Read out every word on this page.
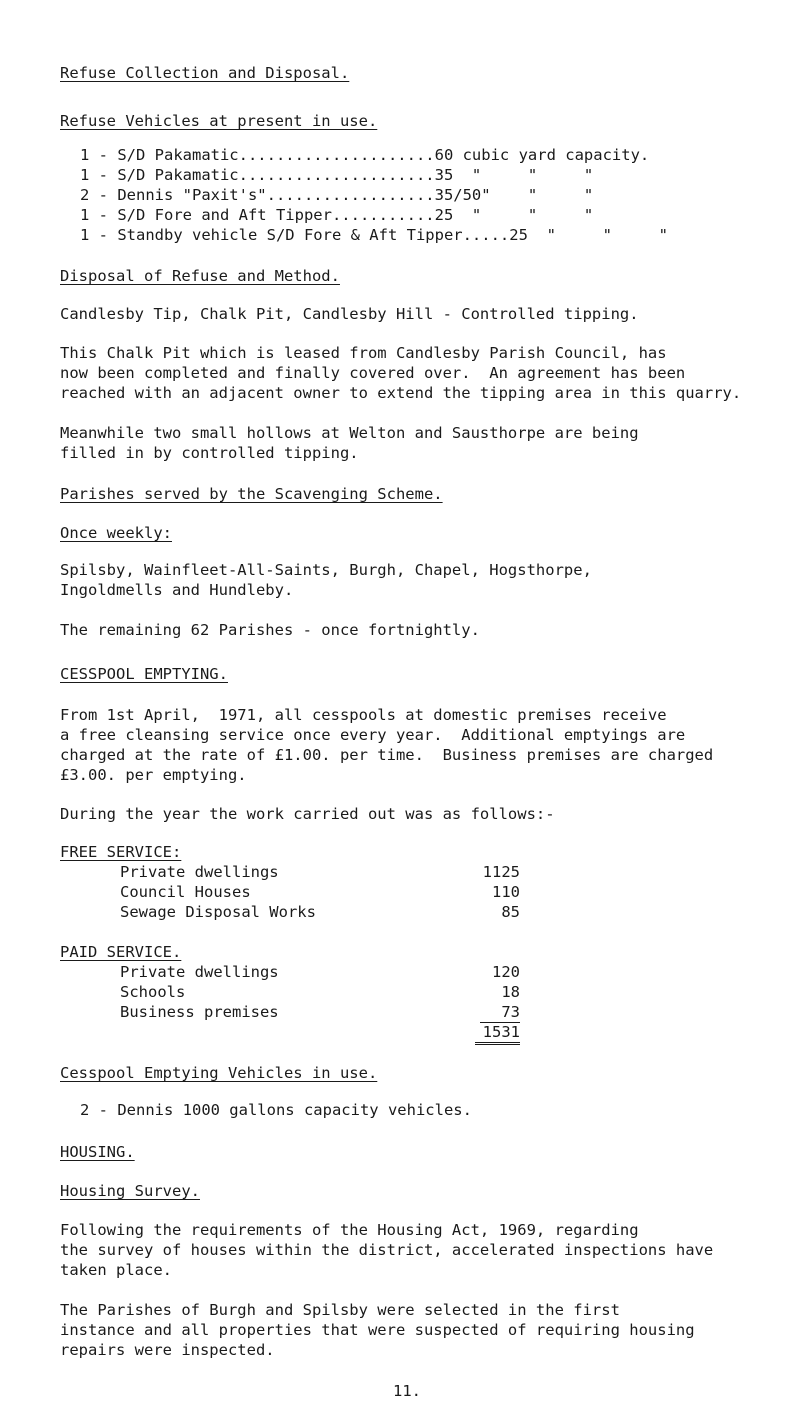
Refuse Collection and Disposal.
Refuse Vehicles at present in use.
1 - S/D Pakamatic.....................60 cubic yard capacity.
1 - S/D Pakamatic.....................35  "     "     "
2 - Dennis "Paxit's"..................35/50"    "     "
1 - S/D Fore and Aft Tipper...........25  "     "     "
1 - Standby vehicle S/D Fore & Aft Tipper.....25  "     "     "
Disposal of Refuse and Method.
Candlesby Tip, Chalk Pit, Candlesby Hill - Controlled tipping.
This Chalk Pit which is leased from Candlesby Parish Council, has
now been completed and finally covered over.  An agreement has been
reached with an adjacent owner to extend the tipping area in this quarry.
Meanwhile two small hollows at Welton and Sausthorpe are being
filled in by controlled tipping.
Parishes served by the Scavenging Scheme.
Once weekly:
Spilsby, Wainfleet-All-Saints, Burgh, Chapel, Hogsthorpe,
Ingoldmells and Hundleby.
The remaining 62 Parishes - once fortnightly.
CESSPOOL EMPTYING.
From 1st April,  1971, all cesspools at domestic premises receive
a free cleansing service once every year.  Additional emptyings are
charged at the rate of £1.00. per time.  Business premises are charged
£3.00. per emptying.
During the year the work carried out was as follows:-
FREE SERVICE:
Private dwellings	1125
Council Houses	110
Sewage Disposal Works	85
PAID SERVICE.
Private dwellings	120
Schools	18
Business premises	73
1531
Cesspool Emptying Vehicles in use.
2 - Dennis 1000 gallons capacity vehicles.
HOUSING.
Housing Survey.
Following the requirements of the Housing Act, 1969, regarding
the survey of houses within the district, accelerated inspections have
taken place.
The Parishes of Burgh and Spilsby were selected in the first
instance and all properties that were suspected of requiring housing
repairs were inspected.
11.
